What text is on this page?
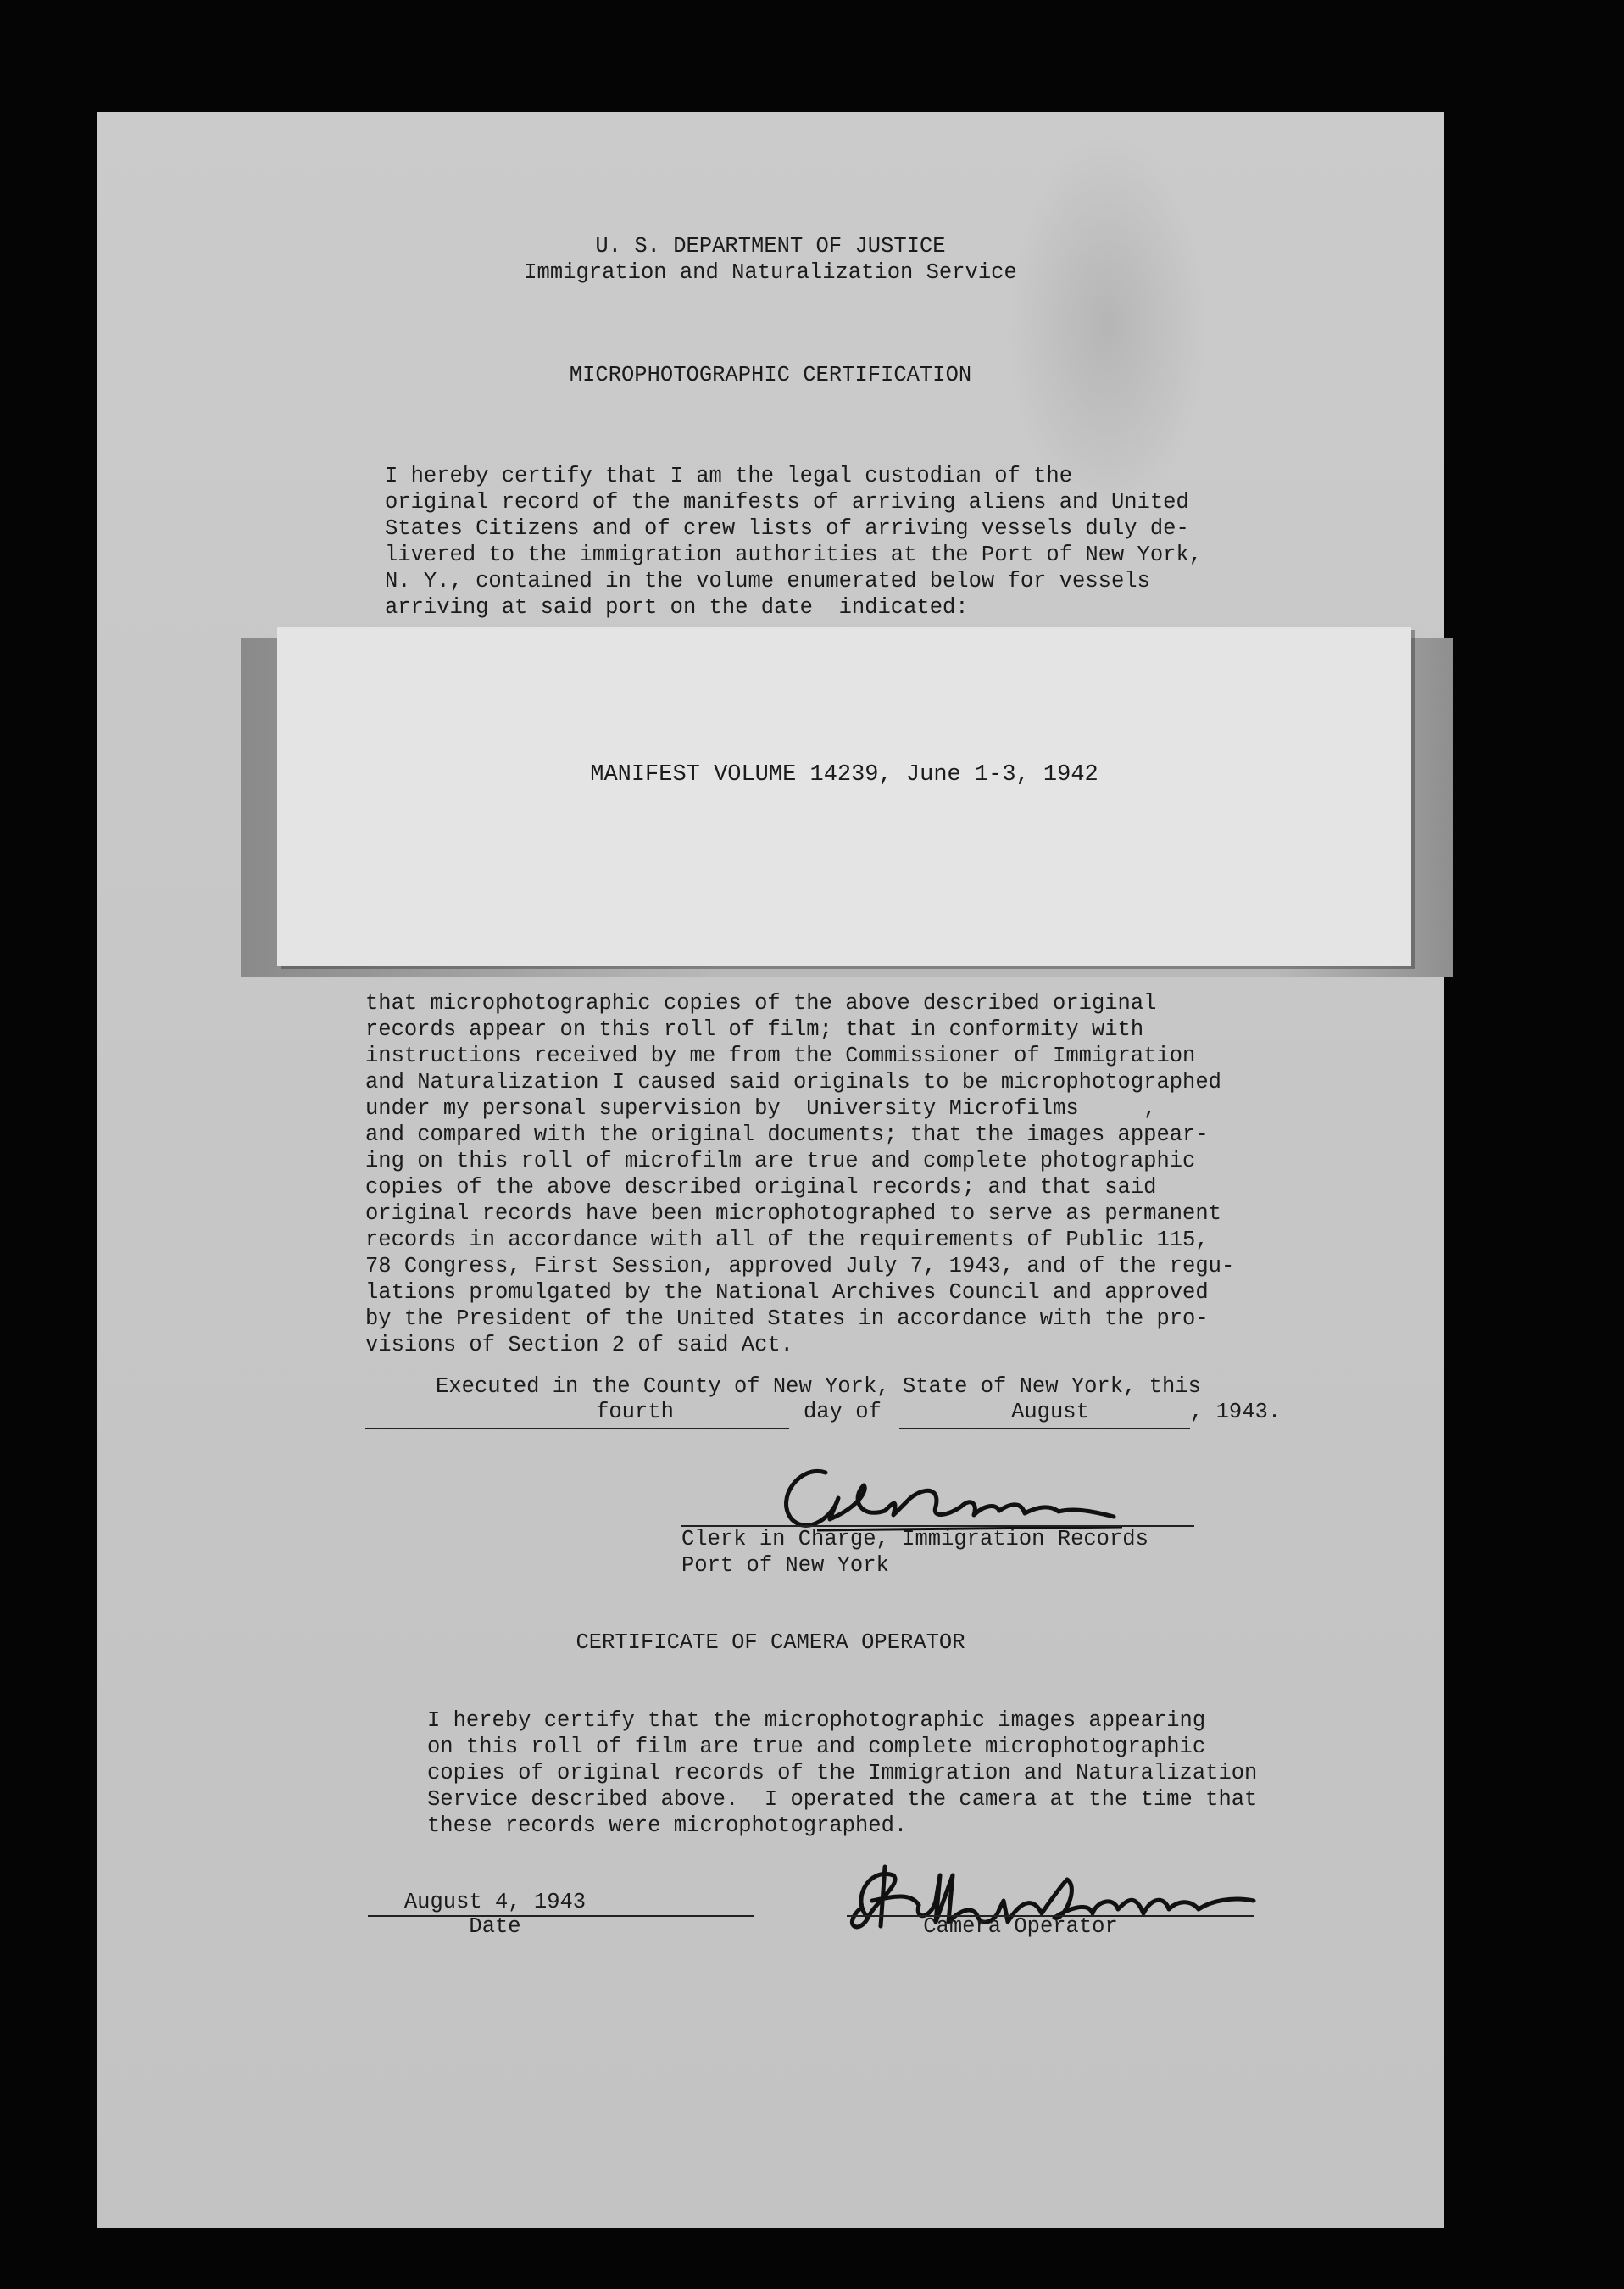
U. S. DEPARTMENT OF JUSTICE
Immigration and Naturalization Service

MICROPHOTOGRAPHIC CERTIFICATION

I hereby certify that I am the legal custodian of the
original record of the manifests of arriving aliens and United
States Citizens and of crew lists of arriving vessels duly de-
livered to the immigration authorities at the Port of New York,
N. Y., contained in the volume enumerated below for vessels
arriving at said port on the date  indicated:

MANIFEST VOLUME 14239, June 1-3, 1942

that microphotographic copies of the above described original
records appear on this roll of film; that in conformity with
instructions received by me from the Commissioner of Immigration
and Naturalization I caused said originals to be microphotographed
under my personal supervision by  University Microfilms     ,
and compared with the original documents; that the images appear-
ing on this roll of microfilm are true and complete photographic
copies of the above described original records; and that said
original records have been microphotographed to serve as permanent
records in accordance with all of the requirements of Public 115,
78 Congress, First Session, approved July 7, 1943, and of the regu-
lations promulgated by the National Archives Council and approved
by the President of the United States in accordance with the pro-
visions of Section 2 of said Act.

Executed in the County of New York, State of New York, this

fourth	day of	August	, 1943.

Clerk in Charge, Immigration Records
Port of New York

CERTIFICATE OF CAMERA OPERATOR

I hereby certify that the microphotographic images appearing
on this roll of film are true and complete microphotographic
copies of original records of the Immigration and Naturalization
Service described above.  I operated the camera at the time that
these records were microphotographed.

August 4, 1943

Date	Camera Operator
